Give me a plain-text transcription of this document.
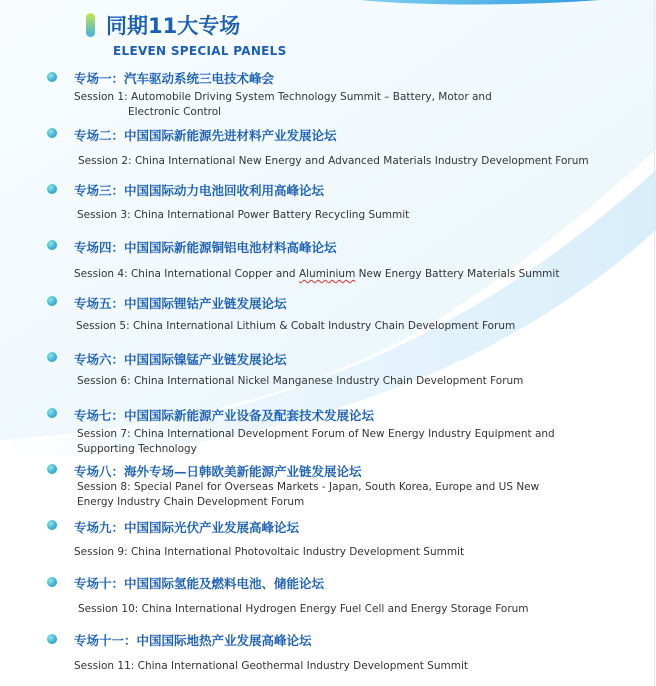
同期11大专场
ELEVEN SPECIAL PANELS
专场一：汽车驱动系统三电技术峰会
Session 1: Automobile Driving System Technology Summit – Battery, Motor and
Electronic Control
专场二：中国国际新能源先进材料产业发展论坛
Session 2: China International New Energy and Advanced Materials Industry Development Forum
专场三：中国国际动力电池回收利用高峰论坛
Session 3: China International Power Battery Recycling Summit
专场四：中国国际新能源铜铝电池材料高峰论坛
Session 4: China International Copper and Aluminium New Energy Battery Materials Summit
专场五：中国国际锂钴产业链发展论坛
Session 5: China International Lithium & Cobalt Industry Chain Development Forum
专场六：中国国际镍锰产业链发展论坛
Session 6: China International Nickel Manganese Industry Chain Development Forum
专场七：中国国际新能源产业设备及配套技术发展论坛
Session 7: China International Development Forum of New Energy Industry Equipment and
Supporting Technology
专场八：海外专场—日韩欧美新能源产业链发展论坛
Session 8: Special Panel for Overseas Markets - Japan, South Korea, Europe and US New
Energy Industry Chain Development Forum
专场九：中国国际光伏产业发展高峰论坛
Session 9: China International Photovoltaic Industry Development Summit
专场十：中国国际氢能及燃料电池、储能论坛
Session 10: China International Hydrogen Energy Fuel Cell and Energy Storage Forum
专场十一：中国国际地热产业发展高峰论坛
Session 11: China International Geothermal Industry Development Summit
